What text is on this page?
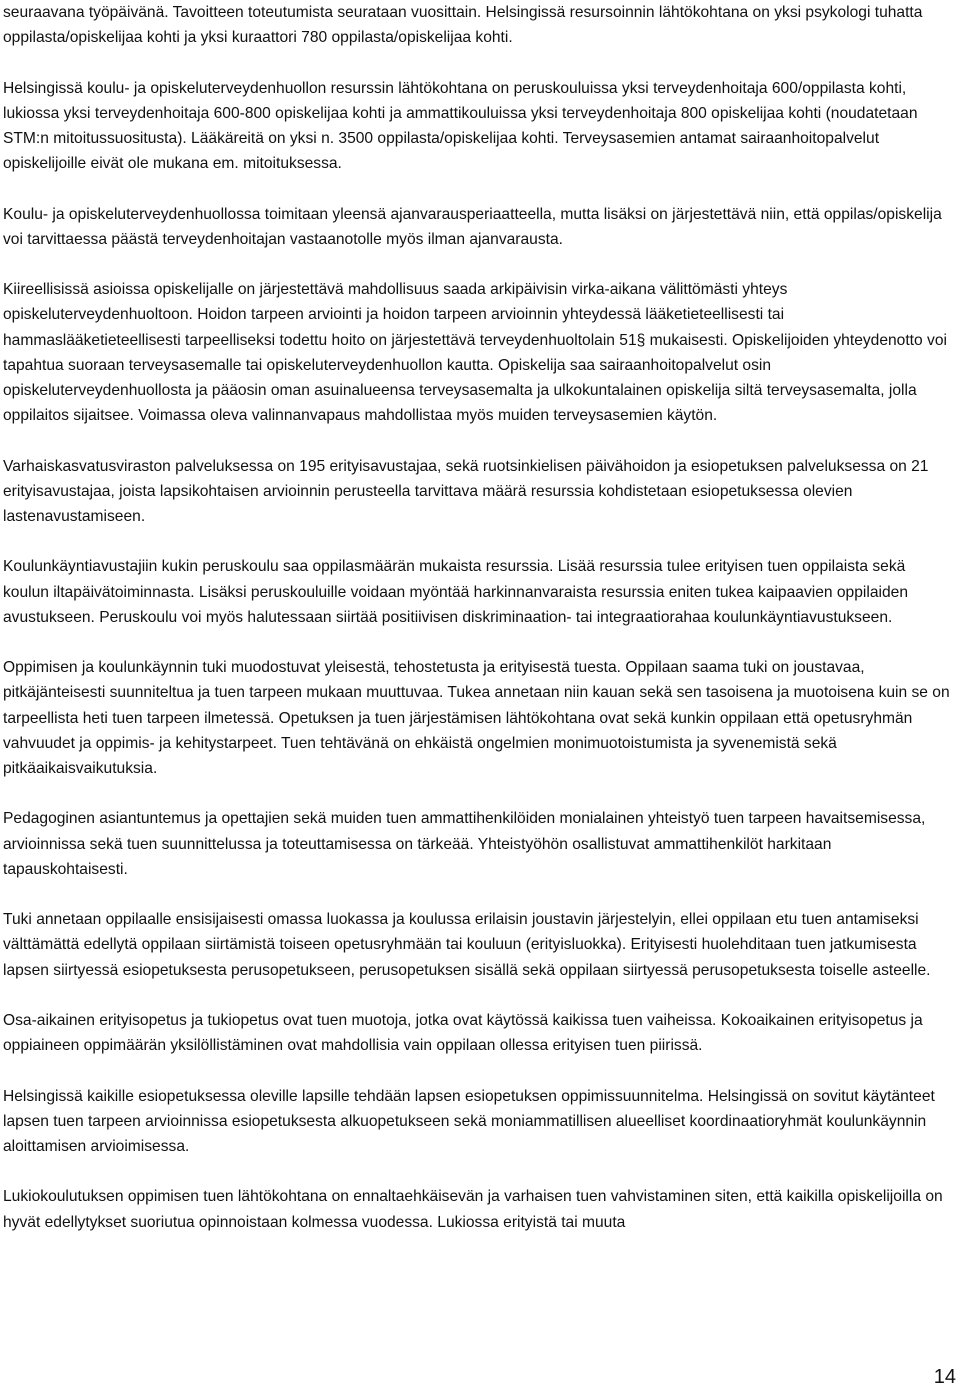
seuraavana työpäivänä. Tavoitteen toteutumista seurataan vuosittain. Helsingissä resursoinnin lähtökohtana on yksi psykologi tuhatta oppilasta/opiskelijaa kohti ja yksi kuraattori 780 oppilasta/opiskelijaa kohti.

Helsingissä koulu- ja opiskeluterveydenhuollon resurssin lähtökohtana on peruskouluissa yksi terveydenhoitaja 600/oppilasta kohti, lukiossa yksi terveydenhoitaja 600-800 opiskelijaa kohti ja ammattikouluissa yksi terveydenhoitaja 800 opiskelijaa kohti (noudatetaan STM:n mitoitussuositusta). Lääkäreitä on yksi n. 3500 oppilasta/opiskelijaa kohti. Terveysasemien antamat sairaanhoitopalvelut opiskelijoille eivät ole mukana em. mitoituksessa.

Koulu- ja opiskeluterveydenhuollossa toimitaan yleensä ajanvarausperiaatteella, mutta lisäksi on järjestettävä niin, että oppilas/opiskelija voi tarvittaessa päästä terveydenhoitajan vastaanotolle myös ilman ajanvarausta.

Kiireellisissä asioissa opiskelijalle on järjestettävä mahdollisuus saada arkipäivisin virka-aikana välittömästi yhteys opiskeluterveydenhuoltoon. Hoidon tarpeen arviointi ja hoidon tarpeen arvioinnin yhteydessä lääketieteellisesti tai hammaslääketieteellisesti tarpeelliseksi todettu hoito on järjestettävä terveydenhuoltolain 51§ mukaisesti. Opiskelijoiden yhteydenotto voi tapahtua suoraan terveysasemalle tai opiskeluterveydenhuollon kautta. Opiskelija saa sairaanhoitopalvelut osin opiskeluterveydenhuollosta ja pääosin oman asuinalueensa terveysasemalta ja ulkokuntalainen opiskelija siltä terveysasemalta, jolla oppilaitos sijaitsee. Voimassa oleva valinnanvapaus mahdollistaa myös muiden terveysasemien käytön.

Varhaiskasvatusviraston palveluksessa on 195 erityisavustajaa, sekä ruotsinkielisen päivähoidon ja esiopetuksen palveluksessa on 21 erityisavustajaa, joista lapsikohtaisen arvioinnin perusteella tarvittava määrä resurssia kohdistetaan esiopetuksessa olevien lastenavustamiseen.

Koulunkäyntiavustajiin kukin peruskoulu saa oppilasmäärän mukaista resurssia. Lisää resurssia tulee erityisen tuen oppilaista sekä koulun iltapäivätoiminnasta. Lisäksi peruskouluille voidaan myöntää harkinnanvaraista resurssia eniten tukea kaipaavien oppilaiden avustukseen. Peruskoulu voi myös halutessaan siirtää positiivisen diskriminaation- tai integraatiorahaa koulunkäyntiavustukseen.

Oppimisen ja koulunkäynnin tuki muodostuvat yleisestä, tehostetusta ja erityisestä tuesta. Oppilaan saama tuki on joustavaa, pitkäjänteisesti suunniteltua ja tuen tarpeen mukaan muuttuvaa. Tukea annetaan niin kauan sekä sen tasoisena ja muotoisena kuin se on tarpeellista heti tuen tarpeen ilmetessä. Opetuksen ja tuen järjestämisen lähtökohtana ovat sekä kunkin oppilaan että opetusryhmän vahvuudet ja oppimis- ja kehitystarpeet. Tuen tehtävänä on ehkäistä ongelmien monimuotoistumista ja syvenemistä sekä pitkäaikaisvaikutuksia.

Pedagoginen asiantuntemus ja opettajien sekä muiden tuen ammattihenkilöiden monialainen yhteistyö tuen tarpeen havaitsemisessa, arvioinnissa sekä tuen suunnittelussa ja toteuttamisessa on tärkeää. Yhteistyöhön osallistuvat ammattihenkilöt harkitaan tapauskohtaisesti.

Tuki annetaan oppilaalle ensisijaisesti omassa luokassa ja koulussa erilaisin joustavin järjestelyin, ellei oppilaan etu tuen antamiseksi välttämättä edellytä oppilaan siirtämistä toiseen opetusryhmään tai kouluun (erityisluokka). Erityisesti huolehditaan tuen jatkumisesta lapsen siirtyessä esiopetuksesta perusopetukseen, perusopetuksen sisällä sekä oppilaan siirtyessä perusopetuksesta toiselle asteelle.

Osa-aikainen erityisopetus ja tukiopetus ovat tuen muotoja, jotka ovat käytössä kaikissa tuen vaiheissa. Kokoaikainen erityisopetus ja oppiaineen oppimäärän yksilöllistäminen ovat mahdollisia vain oppilaan ollessa erityisen tuen piirissä.

Helsingissä kaikille esiopetuksessa oleville lapsille tehdään lapsen esiopetuksen oppimissuunnitelma. Helsingissä on sovitut käytänteet lapsen tuen tarpeen arvioinnissa esiopetuksesta alkuopetukseen sekä moniammatillisen alueelliset koordinaatioryhmät koulunkäynnin aloittamisen arvioimisessa.

Lukiokoulutuksen oppimisen tuen lähtökohtana on ennaltaehkäisevän ja varhaisen tuen vahvistaminen siten, että kaikilla opiskelijoilla on hyvät edellytykset suoriutua opinnoistaan kolmessa vuodessa. Lukiossa erityistä tai muuta

14
